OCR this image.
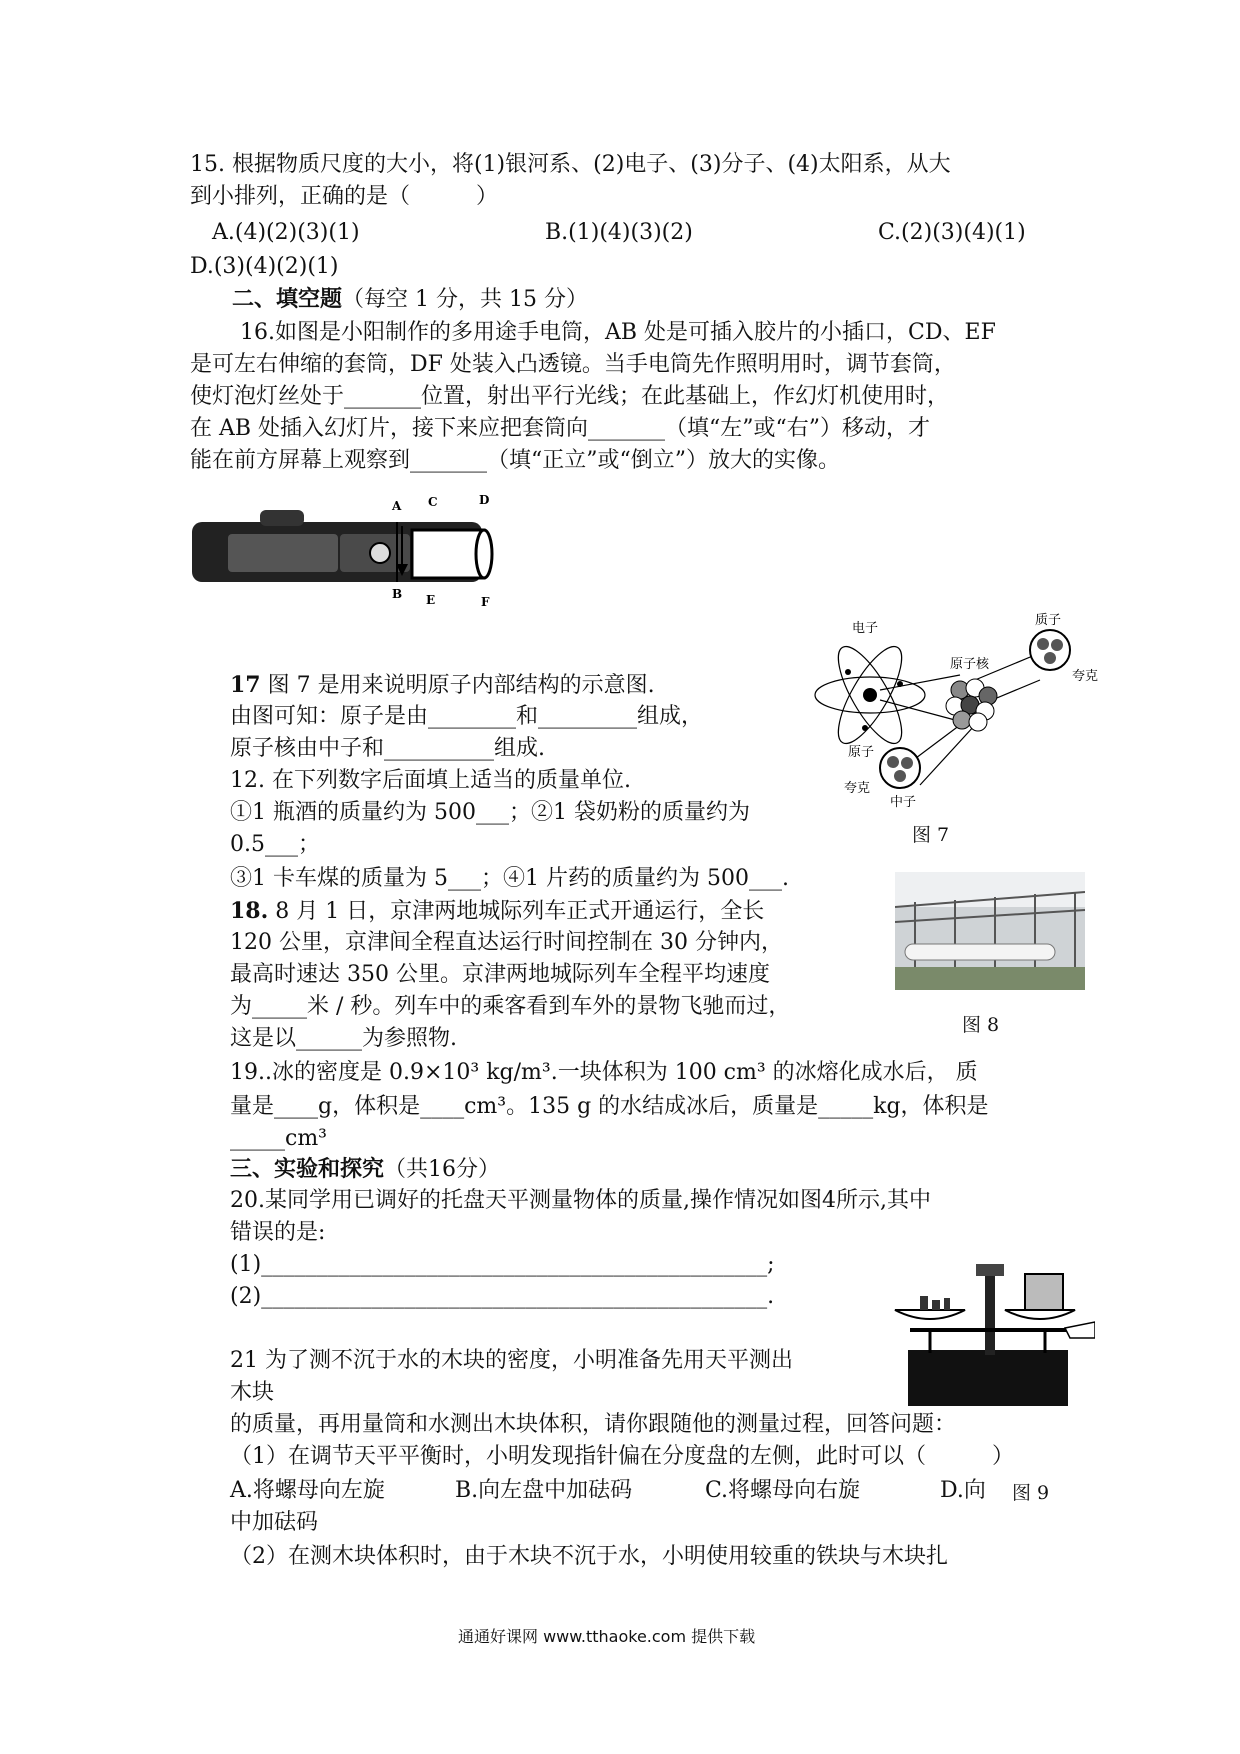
15. 根据物质尺度的大小，将(1)银河系、(2)电子、(3)分子、(4)太阳系，从大
到小排列，正确的是（　　　）
A.(4)(2)(3)(1)	B.(1)(4)(3)(2)	C.(2)(3)(4)(1)
D.(3)(4)(2)(1)
二、填空题（每空 1 分，共 15 分）
16.如图是小阳制作的多用途手电筒，AB 处是可插入胶片的小插口，CD、EF
是可左右伸缩的套筒，DF 处装入凸透镜。当手电筒先作照明用时，调节套筒，
使灯泡灯丝处于_______位置，射出平行光线；在此基础上，作幻灯机使用时，
在 AB 处插入幻灯片，接下来应把套筒向_______（填“左”或“右”）移动，才
能在前方屏幕上观察到_______（填“正立”或“倒立”）放大的实像。
A C	D
B E	F
电子
原子
原子核
质子
夸克
夸克
中子
图 7
17 图 7 是用来说明原子内部结构的示意图.
由图可知：原子是由________和_________组成，
原子核由中子和__________组成.
12. 在下列数字后面填上适当的质量单位.
①1 瓶酒的质量约为 500___；②1 袋奶粉的质量约为
0.5___；
③1 卡车煤的质量为 5___；④1 片药的质量约为 500___.
图 8
18. 8 月 1 日，京津两地城际列车正式开通运行，全长
120 公里，京津间全程直达运行时间控制在 30 分钟内，
最高时速达 350 公里。京津两地城际列车全程平均速度
为_____米 / 秒。列车中的乘客看到车外的景物飞驰而过，
这是以______为参照物.
19..冰的密度是 0.9×10³ kg/m³.一块体积为 100 cm³ 的冰熔化成水后， 质
量是____g，体积是____cm³。135 g 的水结成冰后，质量是_____kg，体积是
_____cm³
三、实验和探究（共16分）
20.某同学用已调好的托盘天平测量物体的质量,操作情况如图4所示,其中
错误的是:
(1)______________________________________________;
(2)______________________________________________.
21 为了测不沉于水的木块的密度，小明准备先用天平测出
木块
的质量，再用量筒和水测出木块体积，请你跟随他的测量过程，回答问题：
（1）在调节天平平衡时，小明发现指针偏在分度盘的左侧，此时可以（　　　）
A.将螺母向左旋	B.向左盘中加砝码	C.将螺母向右旋	D.向 图 9
中加砝码
（2）在测木块体积时，由于木块不沉于水，小明使用较重的铁块与木块扎
通通好课网 www.tthaoke.com 提供下载
